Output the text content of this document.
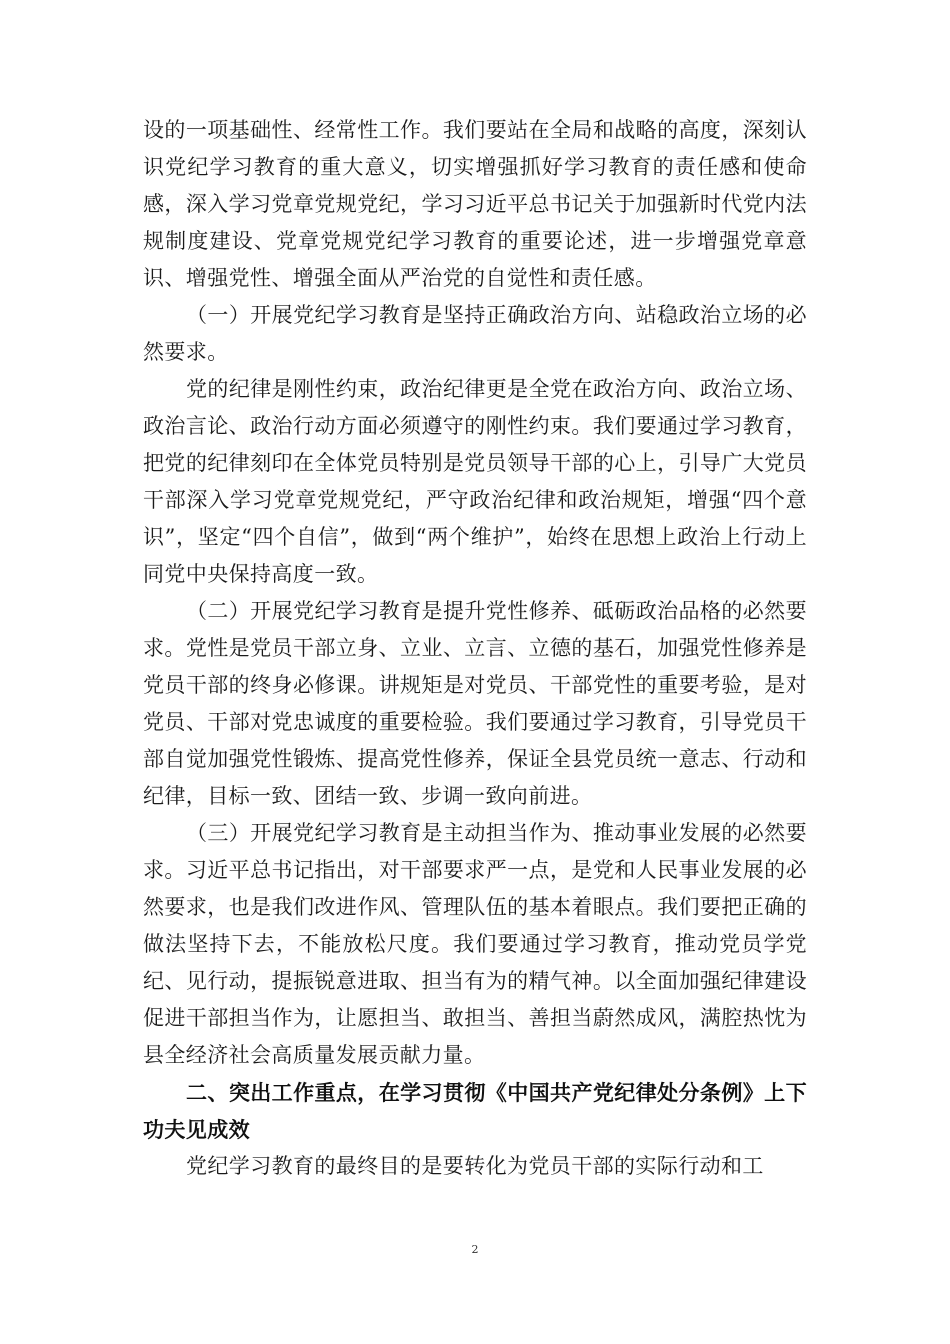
设的一项基础性、经常性工作。我们要站在全局和战略的高度，深刻认识党纪学习教育的重大意义，切实增强抓好学习教育的责任感和使命感，深入学习党章党规党纪，学习习近平总书记关于加强新时代党内法规制度建设、党章党规党纪学习教育的重要论述，进一步增强党章意识、增强党性、增强全面从严治党的自觉性和责任感。

（一）开展党纪学习教育是坚持正确政治方向、站稳政治立场的必然要求。

党的纪律是刚性约束，政治纪律更是全党在政治方向、政治立场、政治言论、政治行动方面必须遵守的刚性约束。我们要通过学习教育，把党的纪律刻印在全体党员特别是党员领导干部的心上，引导广大党员干部深入学习党章党规党纪，严守政治纪律和政治规矩，增强“四个意识”，坚定“四个自信”，做到“两个维护”，始终在思想上政治上行动上同党中央保持高度一致。

（二）开展党纪学习教育是提升党性修养、砥砺政治品格的必然要求。党性是党员干部立身、立业、立言、立德的基石，加强党性修养是党员干部的终身必修课。讲规矩是对党员、干部党性的重要考验，是对党员、干部对党忠诚度的重要检验。我们要通过学习教育，引导党员干部自觉加强党性锻炼、提高党性修养，保证全县党员统一意志、行动和纪律，目标一致、团结一致、步调一致向前进。

（三）开展党纪学习教育是主动担当作为、推动事业发展的必然要求。习近平总书记指出，对干部要求严一点，是党和人民事业发展的必然要求，也是我们改进作风、管理队伍的基本着眼点。我们要把正确的做法坚持下去，不能放松尺度。我们要通过学习教育，推动党员学党纪、见行动，提振锐意进取、担当有为的精气神。以全面加强纪律建设促进干部担当作为，让愿担当、敢担当、善担当蔚然成风，满腔热忱为县全经济社会高质量发展贡献力量。

二、突出工作重点，在学习贯彻《中国共产党纪律处分条例》上下功夫见成效

党纪学习教育的最终目的是要转化为党员干部的实际行动和工

2
